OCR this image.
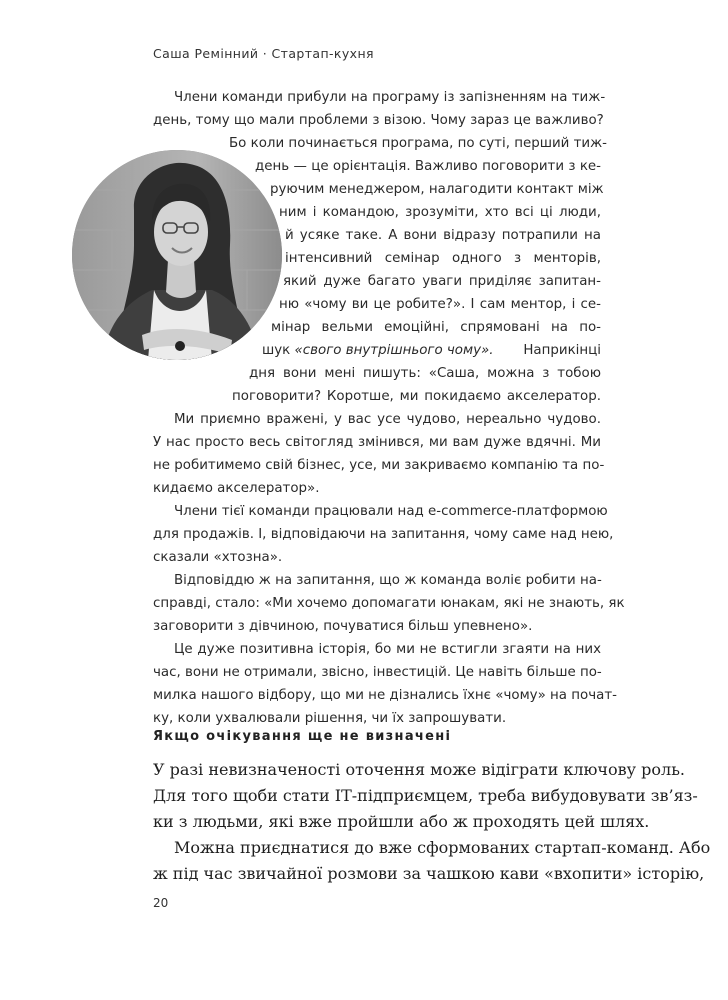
Саша Ремінний · Стартап-кухня
Члени команди прибули на програму із запізненням на тиж-
день, тому що мали проблеми з візою. Чому зараз це важливо?
Бо коли починається програма, по суті, перший тиж-
день — це орієнтація. Важливо поговорити з ке-
руючим менеджером, налагодити контакт між
ним і командою, зрозуміти, хто всі ці люди,
й усяке таке. А вони відразу потрапили на
інтенсивний семінар одного з менторів,
який дуже багато уваги приділяє запитан-
ню «чому ви це робите?». І сам ментор, і се-
мінар вельми емоційні, спрямовані на по-
шук «свого внутрішнього чому». Наприкінці
дня вони мені пишуть: «Саша, можна з тобою
поговорити? Коротше, ми покидаємо акселератор.
Ми приємно вражені, у вас усе чудово, нереально чудово.
У нас просто весь світогляд змінився, ми вам дуже вдячні. Ми
не робитимемо свій бізнес, усе, ми закриваємо компанію та по-
кидаємо акселератор».
Члени тієї команди працювали над e-commerce-платформою
для продажів. І, відповідаючи на запитання, чому саме над нею,
сказали «хтозна».
Відповіддю ж на запитання, що ж команда воліє робити на-
справді, стало: «Ми хочемо допомагати юнакам, які не знають, як
заговорити з дівчиною, почуватися більш упевнено».
Це дуже позитивна історія, бо ми не встигли згаяти на них
час, вони не отримали, звісно, інвестицій. Це навіть більше по-
милка нашого відбору, що ми не дізнались їхнє «чому» на почат-
ку, коли ухвалювали рішення, чи їх запрошувати.
Якщо очікування ще не визначені
У разі невизначеності оточення може відіграти ключову роль.
Для того щоби стати ІТ-підприємцем, треба вибудовувати зв’яз-
ки з людьми, які вже пройшли або ж проходять цей шлях.
Можна приєднатися до вже сформованих стартап-команд. Або
ж під час звичайної розмови за чашкою кави «вхопити» історію,
20
